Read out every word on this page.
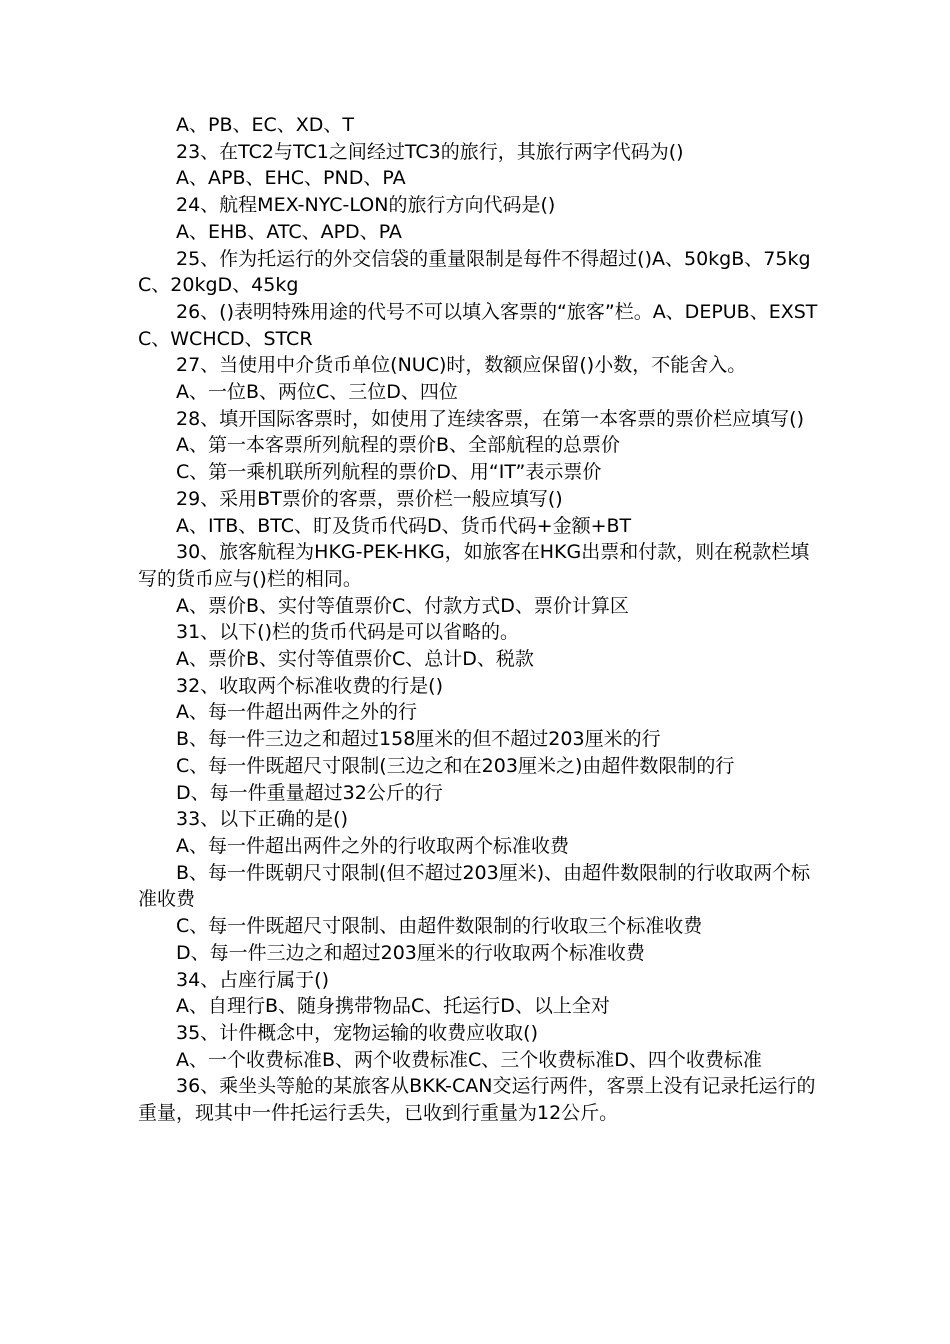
A、PB、EC、XD、T

23、在TC2与TC1之间经过TC3的旅行，其旅行两字代码为()

A、APB、EHC、PND、PA

24、航程MEX-NYC-LON的旅行方向代码是()

A、EHB、ATC、APD、PA

25、作为托运行的外交信袋的重量限制是每件不得超过()A、50kgB、75kgC、20kgD、45kg

26、()表明特殊用途的代号不可以填入客票的“旅客”栏。A、DEPUB、EXSTC、WCHCD、STCR

27、当使用中介货币单位(NUC)时，数额应保留()小数，不能舍入。

A、一位B、两位C、三位D、四位

28、填开国际客票时，如使用了连续客票，在第一本客票的票价栏应填写()

A、第一本客票所列航程的票价B、全部航程的总票价

C、第一乘机联所列航程的票价D、用“IT”表示票价

29、采用BT票价的客票，票价栏一般应填写()

A、ITB、BTC、盯及货币代码D、货币代码+金额+BT

30、旅客航程为HKG-PEK-HKG，如旅客在HKG出票和付款，则在税款栏填写的货币应与()栏的相同。

A、票价B、实付等值票价C、付款方式D、票价计算区

31、以下()栏的货币代码是可以省略的。

A、票价B、实付等值票价C、总计D、税款

32、收取两个标准收费的行是()

A、每一件超出两件之外的行

B、每一件三边之和超过158厘米的但不超过203厘米的行

C、每一件既超尺寸限制(三边之和在203厘米之)由超件数限制的行

D、每一件重量超过32公斤的行

33、以下正确的是()

A、每一件超出两件之外的行收取两个标准收费

B、每一件既朝尺寸限制(但不超过203厘米)、由超件数限制的行收取两个标准收费

C、每一件既超尺寸限制、由超件数限制的行收取三个标准收费

D、每一件三边之和超过203厘米的行收取两个标准收费

34、占座行属于()

A、自理行B、随身携带物品C、托运行D、以上全对

35、计件概念中，宠物运输的收费应收取()

A、一个收费标准B、两个收费标准C、三个收费标准D、四个收费标准

36、乘坐头等舱的某旅客从BKK-CAN交运行两件，客票上没有记录托运行的重量，现其中一件托运行丢失，已收到行重量为12公斤。
